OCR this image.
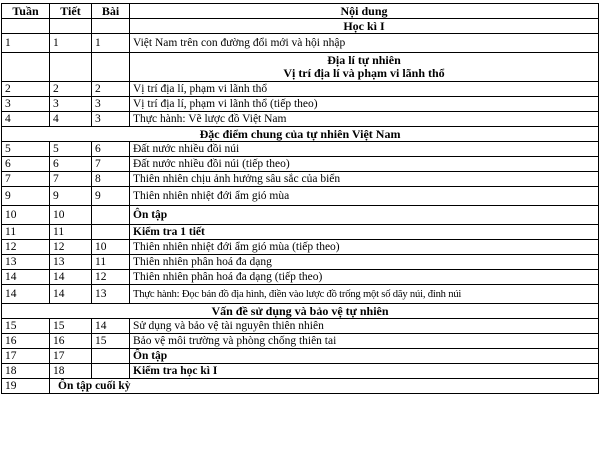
Tuần	Tiết	Bài	Nội dung
			Học kì I
1	1	1	Việt Nam trên con đường đổi mới và hội nhập

			Địa lí tự nhiên
Vị trí địa lí và phạm vi lãnh thổ

2	2	2	Vị trí địa lí, phạm vi lãnh thổ
3	3	3	Vị trí địa lí, phạm vi lãnh thổ (tiếp theo)
4	4	3	Thực hành: Vẽ lược đồ Việt Nam
Đặc điểm chung của tự nhiên Việt Nam			
5	5	6	Đất nước nhiều đồi núi
6	6	7	Đất nước nhiều đồi núi (tiếp theo)
7	7	8	Thiên nhiên chịu ảnh hưởng sâu sắc của biển
9	9	9	Thiên nhiên nhiệt đới ẩm gió mùa
10	10		Ôn tập
11	11		Kiểm tra 1 tiết
12	12	10	Thiên nhiên nhiệt đới ẩm gió mùa (tiếp theo)
13	13	11	Thiên nhiên phân hoá đa dạng
14	14	12	Thiên nhiên phân hoá đa dạng (tiếp theo)
14	14	13	Thực hành: Đọc bản đồ địa hình, điền vào lược đồ trống một số dãy núi, đỉnh núi
Vấn đề sử dụng và bảo vệ tự nhiên			
15	15	14	Sử dụng và bảo vệ tài nguyên thiên nhiên
16	16	15	Bảo vệ môi trường và phòng chống thiên tai
17	17		Ôn tập
18	18		Kiểm tra học kì I
19	Ôn tập cuối kỳ		
